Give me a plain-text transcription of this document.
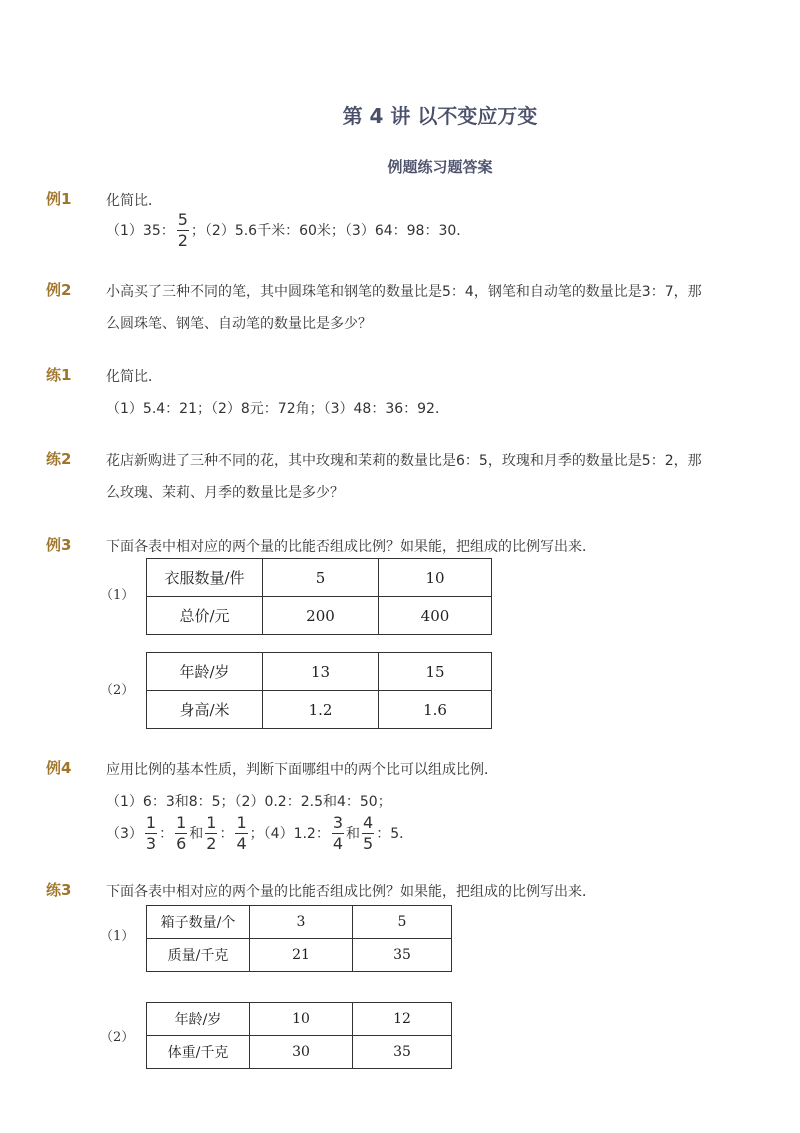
第 4 讲 以不变应万变
例题练习题答案
例1 化简比．
（1）35： $\frac{5}{2}$ ；（2）5.6千米：60米；（3）64：98：30．
例2 小高买了三种不同的笔，其中圆珠笔和钢笔的数量比是5：4，钢笔和自动笔的数量比是3：7，那
么圆珠笔、钢笔、自动笔的数量比是多少？
练1 化简比．
（1）5.4：21；（2）8元：72角；（3）48：36：92．
练2 花店新购进了三种不同的花，其中玫瑰和茉莉的数量比是6：5，玫瑰和月季的数量比是5：2，那
么玫瑰、茉莉、月季的数量比是多少？
例3 下面各表中相对应的两个量的比能否组成比例？如果能，把组成的比例写出来．
（1）
衣服数量/件	5	10
总价/元	200	400
（2）
年龄/岁	13	15
身高/米	1.2	1.6
例4 应用比例的基本性质，判断下面哪组中的两个比可以组成比例．
（1）6：3和8：5；（2）0.2：2.5和4：50；
$(3) \frac{1}{3}$ ： $\frac{1}{6}$ 和 $\frac{1}{2}$ ： $\frac{1}{4}$ ；（4）1.2： $\frac{3}{4}$ 和 $\frac{4}{5}$ ：5．
练3 下面各表中相对应的两个量的比能否组成比例？如果能，把组成的比例写出来．
（1）
箱子数量/个	3	5
质量/千克	21	35
（2）
年龄/岁	10	12
体重/千克	30	35
